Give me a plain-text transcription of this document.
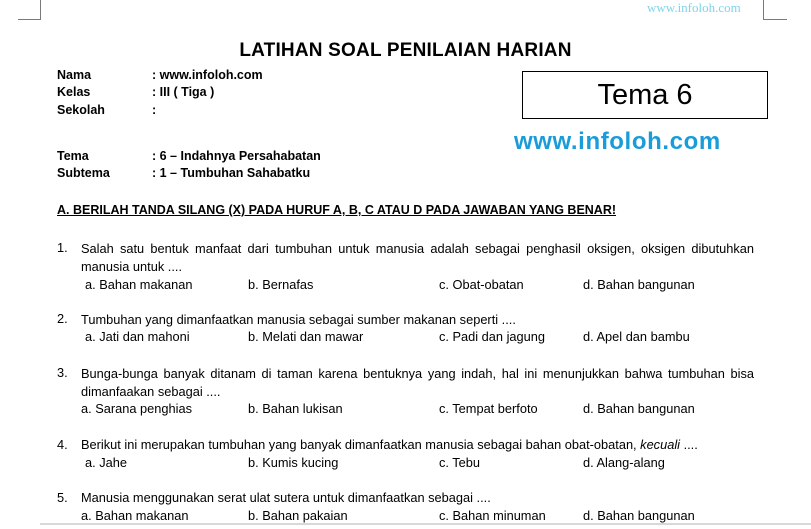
www.infoloh.com
LATIHAN SOAL PENILAIAN HARIAN
Nama	: www.infoloh.com
Kelas	: III ( Tiga )
Sekolah	:
Tema	: 6 – Indahnya Persahabatan
Subtema	: 1 – Tumbuhan Sahabatku
Tema 6
www.infoloh.com
A. BERILAH TANDA SILANG (X) PADA HURUF A, B, C ATAU D PADA JAWABAN YANG BENAR!
1. Salah satu bentuk manfaat dari tumbuhan untuk manusia adalah sebagai penghasil oksigen, oksigen dibutuhkan manusia untuk ....
a. Bahan makanan	b. Bernafas	c. Obat-obatan	d. Bahan bangunan
2. Tumbuhan yang dimanfaatkan manusia sebagai sumber makanan seperti ....
a. Jati dan mahoni	b. Melati dan mawar	c. Padi dan jagung	d. Apel dan bambu
3. Bunga-bunga banyak ditanam di taman karena bentuknya yang indah, hal ini menunjukkan bahwa tumbuhan bisa dimanfaakan sebagai ....
a. Sarana penghias	b. Bahan lukisan	c. Tempat berfoto	d. Bahan bangunan
4. Berikut ini merupakan tumbuhan yang banyak dimanfaatkan manusia sebagai bahan obat-obatan, kecuali ....
a. Jahe	b. Kumis kucing	c. Tebu	d. Alang-alang
5. Manusia menggunakan serat ulat sutera untuk dimanfaatkan sebagai ....
a. Bahan makanan	b. Bahan pakaian	c. Bahan minuman	d. Bahan bangunan
